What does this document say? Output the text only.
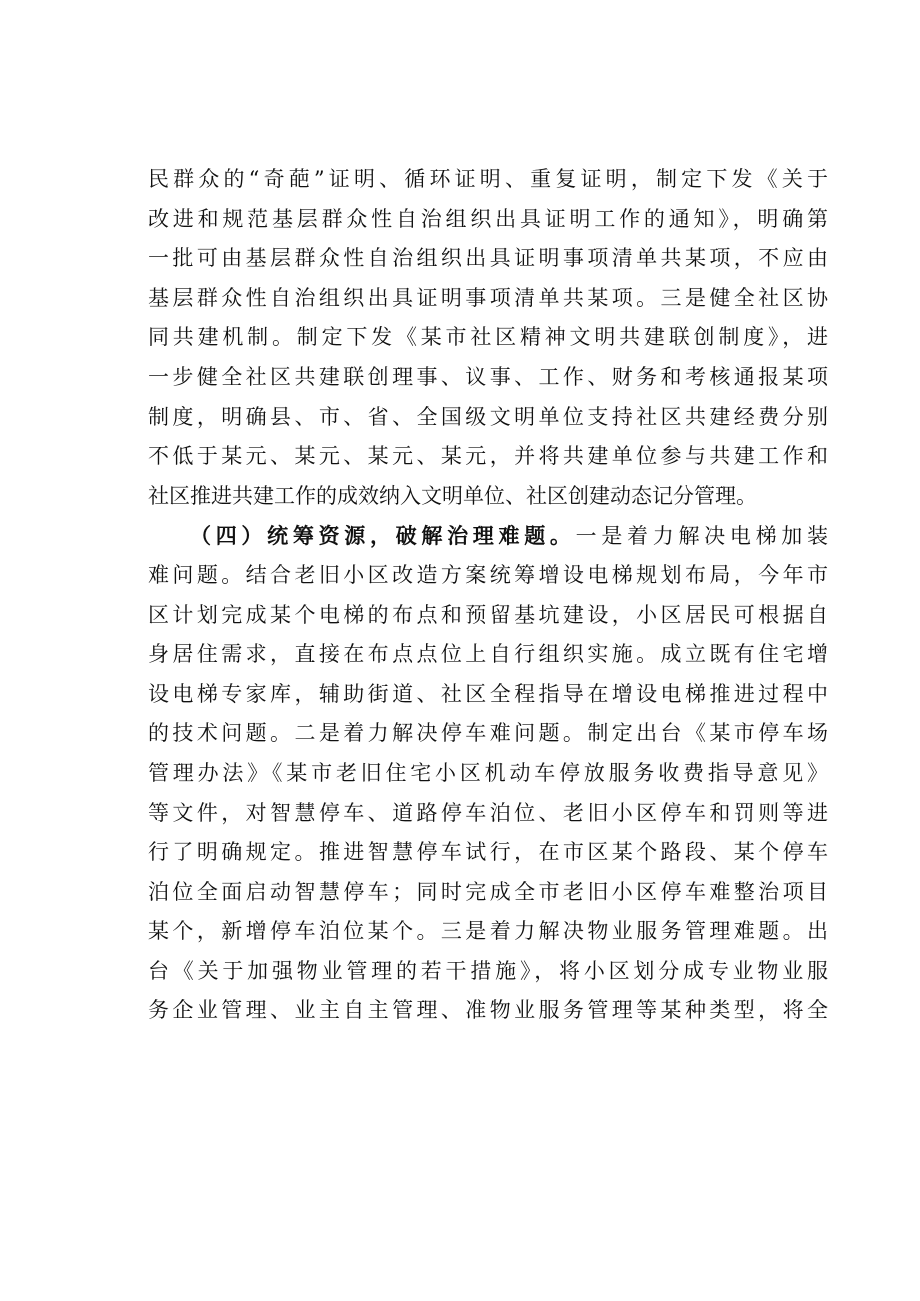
民群众的“奇葩”证明、循环证明、重复证明，制定下发《关于
改进和规范基层群众性自治组织出具证明工作的通知》，明确第
一批可由基层群众性自治组织出具证明事项清单共某项，不应由
基层群众性自治组织出具证明事项清单共某项。三是健全社区协
同共建机制。制定下发《某市社区精神文明共建联创制度》，进
一步健全社区共建联创理事、议事、工作、财务和考核通报某项
制度，明确县、市、省、全国级文明单位支持社区共建经费分别
不低于某元、某元、某元、某元，并将共建单位参与共建工作和
社区推进共建工作的成效纳入文明单位、社区创建动态记分管理。
（四）统筹资源，破解治理难题。一是着力解决电梯加装
难问题。结合老旧小区改造方案统筹增设电梯规划布局，今年市
区计划完成某个电梯的布点和预留基坑建设，小区居民可根据自
身居住需求，直接在布点点位上自行组织实施。成立既有住宅增
设电梯专家库，辅助街道、社区全程指导在增设电梯推进过程中
的技术问题。二是着力解决停车难问题。制定出台《某市停车场
管理办法》《某市老旧住宅小区机动车停放服务收费指导意见》
等文件，对智慧停车、道路停车泊位、老旧小区停车和罚则等进
行了明确规定。推进智慧停车试行，在市区某个路段、某个停车
泊位全面启动智慧停车；同时完成全市老旧小区停车难整治项目
某个，新增停车泊位某个。三是着力解决物业服务管理难题。出
台《关于加强物业管理的若干措施》，将小区划分成专业物业服
务企业管理、业主自主管理、准物业服务管理等某种类型，将全
